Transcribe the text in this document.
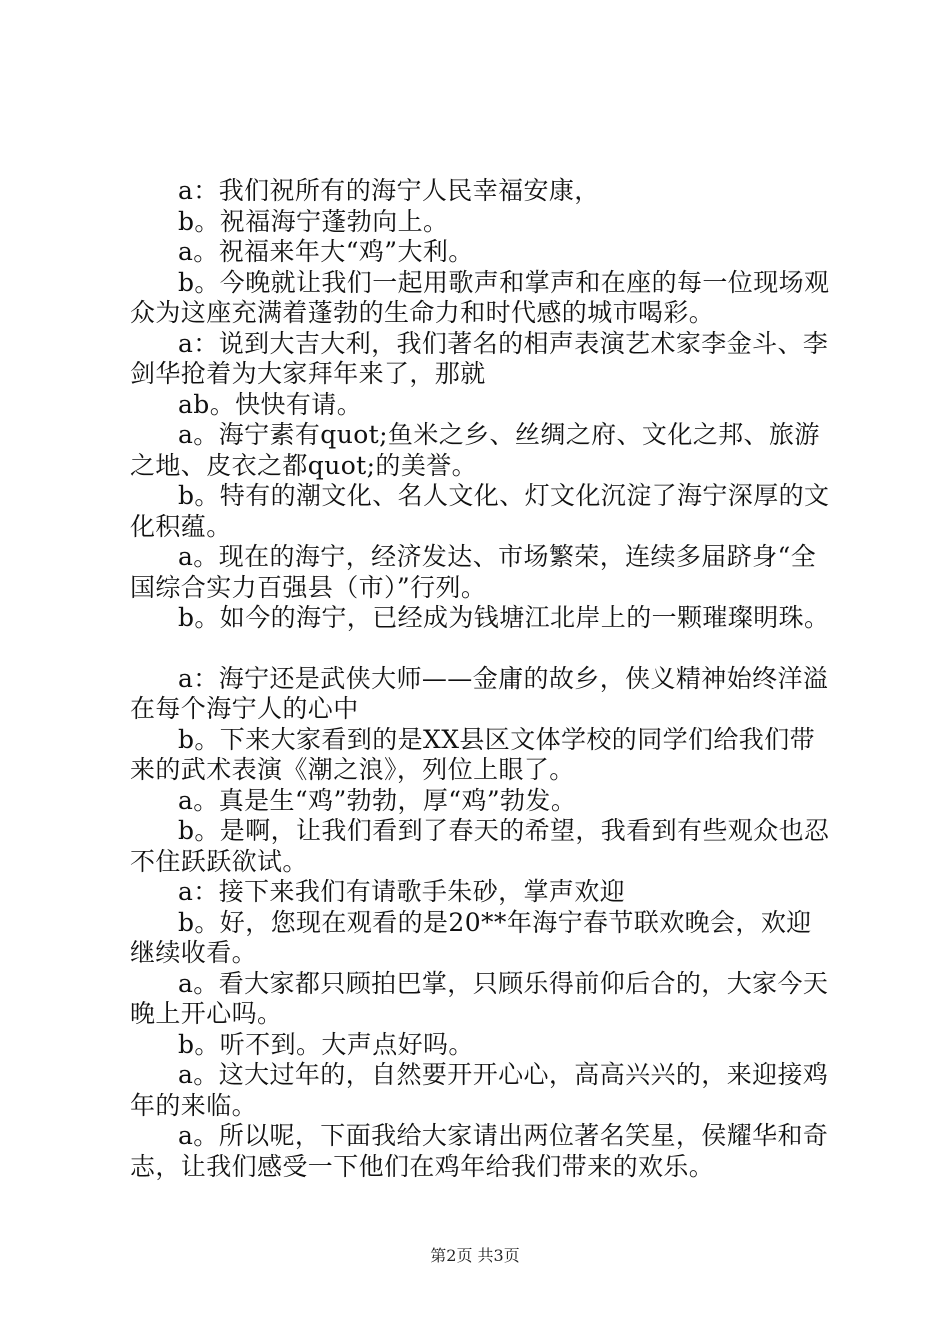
a：我们祝所有的海宁人民幸福安康，

b。祝福海宁蓬勃向上。

a。祝福来年大“鸡”大利。

b。今晚就让我们一起用歌声和掌声和在座的每一位现场观众为这座充满着蓬勃的生命力和时代感的城市喝彩。

a：说到大吉大利，我们著名的相声表演艺术家李金斗、李剑华抢着为大家拜年来了，那就

ab。快快有请。

a。海宁素有quot;鱼米之乡、丝绸之府、文化之邦、旅游之地、皮衣之都quot;的美誉。

b。特有的潮文化、名人文化、灯文化沉淀了海宁深厚的文化积蕴。

a。现在的海宁，经济发达、市场繁荣，连续多届跻身“全国综合实力百强县（市）”行列。

b。如今的海宁，已经成为钱塘江北岸上的一颗璀璨明珠。

a：海宁还是武侠大师——金庸的故乡，侠义精神始终洋溢在每个海宁人的心中

b。下来大家看到的是XX县区文体学校的同学们给我们带来的武术表演《潮之浪》，列位上眼了。

a。真是生“鸡”勃勃，厚“鸡”勃发。

b。是啊，让我们看到了春天的希望，我看到有些观众也忍不住跃跃欲试。

a：接下来我们有请歌手朱砂，掌声欢迎

b。好，您现在观看的是20**年海宁春节联欢晚会，欢迎继续收看。

a。看大家都只顾拍巴掌，只顾乐得前仰后合的，大家今天晚上开心吗。

b。听不到。大声点好吗。

a。这大过年的，自然要开开心心，高高兴兴的，来迎接鸡年的来临。

a。所以呢，下面我给大家请出两位著名笑星，侯耀华和奇志，让我们感受一下他们在鸡年给我们带来的欢乐。

第2页 共3页
